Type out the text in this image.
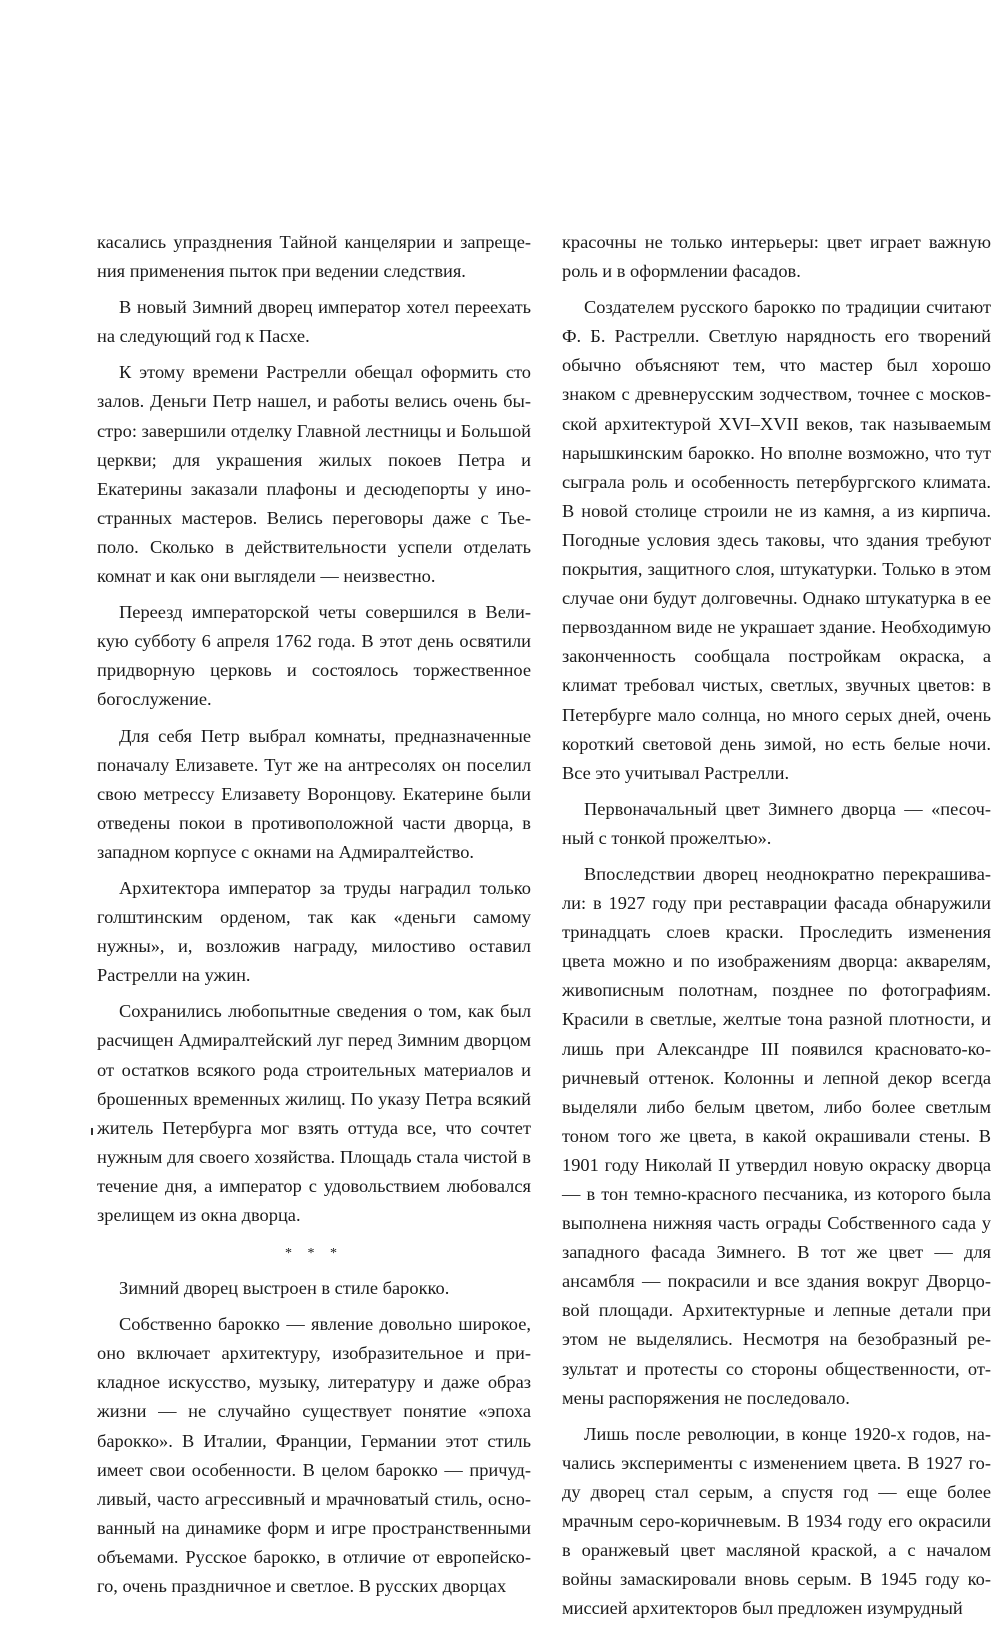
касались упразднения Тайной канцелярии и запрещения применения пыток при ведении следствия.

В новый Зимний дворец император хотел переехать на следующий год к Пасхе.

К этому времени Растрелли обещал оформить сто залов. Деньги Петр нашел, и работы велись очень быстро: завершили отделку Главной лестницы и Большой церкви; для украшения жилых покоев Петра и Екатерины заказали плафоны и десюдепорты у иностранных мастеров. Велись переговоры даже с Тьеполо. Сколько в действительности успели отделать комнат и как они выглядели — неизвестно.

Переезд императорской четы совершился в Великую субботу 6 апреля 1762 года. В этот день освятили придворную церковь и состоялось торжественное богослужение.

Для себя Петр выбрал комнаты, предназначенные поначалу Елизавете. Тут же на антресолях он поселил свою метрессу Елизавету Воронцову. Екатерине были отведены покои в противоположной части дворца, в западном корпусе с окнами на Адмиралтейство.

Архитектора император за труды наградил только голштинским орденом, так как «деньги самому нужны», и, возложив награду, милостиво оставил Растрелли на ужин.

Сохранились любопытные сведения о том, как был расчищен Адмиралтейский луг перед Зимним дворцом от остатков всякого рода строительных материалов и брошенных временных жилищ. По указу Петра всякий житель Петербурга мог взять оттуда все, что сочтет нужным для своего хозяйства. Площадь стала чистой в течение дня, а император с удовольствием любовался зрелищем из окна дворца.

* * *

Зимний дворец выстроен в стиле барокко.

Собственно барокко — явление довольно широкое, оно включает архитектуру, изобразительное и прикладное искусство, музыку, литературу и даже образ жизни — не случайно существует понятие «эпоха барокко». В Италии, Франции, Германии этот стиль имеет свои особенности. В целом барокко — причудливый, часто агрессивный и мрачноватый стиль, основанный на динамике форм и игре пространственными объемами. Русское барокко, в отличие от европейского, очень праздничное и светлое. В русских дворцах

красочны не только интерьеры: цвет играет важную роль и в оформлении фасадов.

Создателем русского барокко по традиции считают Ф. Б. Растрелли. Светлую нарядность его творений обычно объясняют тем, что мастер был хорошо знаком с древнерусским зодчеством, точнее с московской архитектурой XVI–XVII веков, так называемым нарышкинским барокко. Но вполне возможно, что тут сыграла роль и особенность петербургского климата. В новой столице строили не из камня, а из кирпича. Погодные условия здесь таковы, что здания требуют покрытия, защитного слоя, штукатурки. Только в этом случае они будут долговечны. Однако штукатурка в ее первозданном виде не украшает здание. Необходимую законченность сообщала постройкам окраска, а климат требовал чистых, светлых, звучных цветов: в Петербурге мало солнца, но много серых дней, очень короткий световой день зимой, но есть белые ночи. Все это учитывал Растрелли.

Первоначальный цвет Зимнего дворца — «песочный с тонкой прожелтью».

Впоследствии дворец неоднократно перекрашивали: в 1927 году при реставрации фасада обнаружили тринадцать слоев краски. Проследить изменения цвета можно и по изображениям дворца: акварелям, живописным полотнам, позднее по фотографиям. Красили в светлые, желтые тона разной плотности, и лишь при Александре III появился красновато-коричневый оттенок. Колонны и лепной декор всегда выделяли либо белым цветом, либо более светлым тоном того же цвета, в какой окрашивали стены. В 1901 году Николай II утвердил новую окраску дворца — в тон темно-красного песчаника, из которого была выполнена нижняя часть ограды Собственного сада у западного фасада Зимнего. В тот же цвет — для ансамбля — покрасили и все здания вокруг Дворцовой площади. Архитектурные и лепные детали при этом не выделялись. Несмотря на безобразный результат и протесты со стороны общественности, отмены распоряжения не последовало.

Лишь после революции, в конце 1920-х годов, начались эксперименты с изменением цвета. В 1927 году дворец стал серым, а спустя год — еще более мрачным серо-коричневым. В 1934 году его окрасили в оранжевый цвет масляной краской, а с началом войны замаскировали вновь серым. В 1945 году комиссией архитекторов был предложен изумрудный
